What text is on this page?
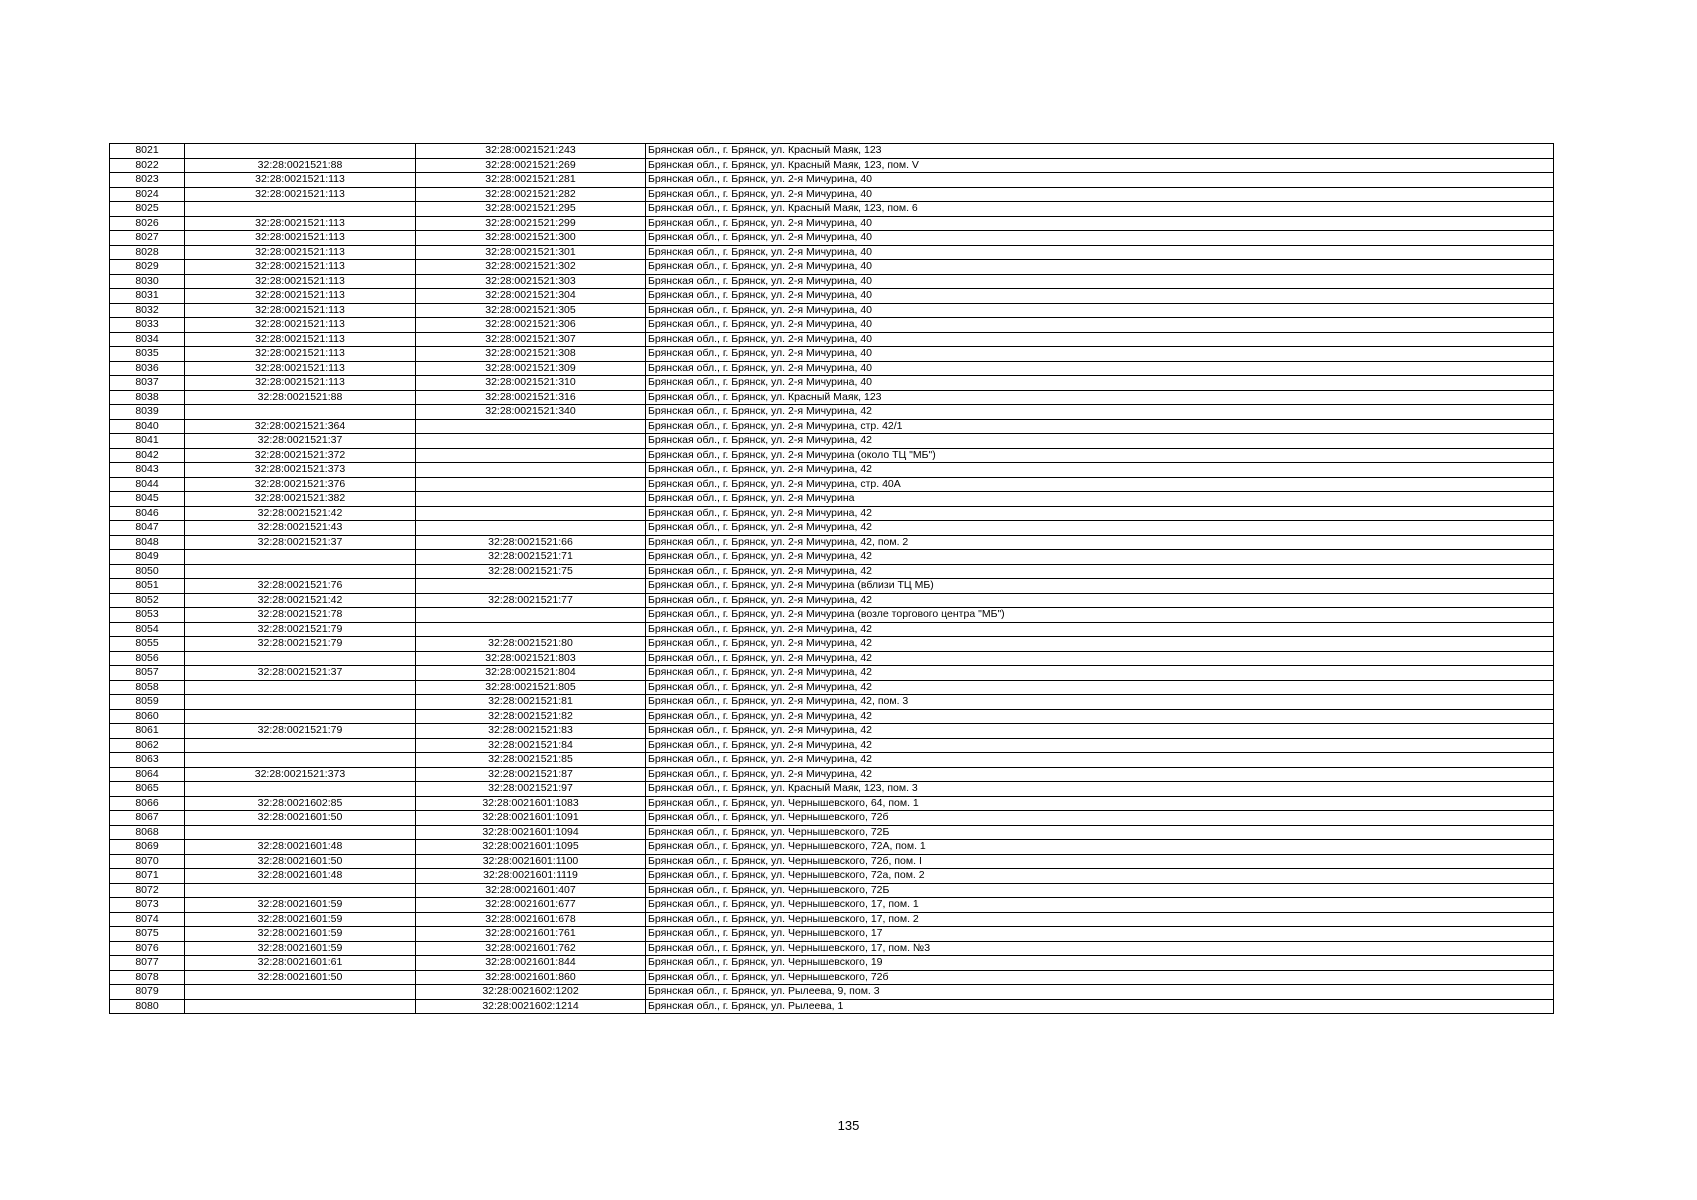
8021		32:28:0021521:243	Брянская обл., г. Брянск, ул. Красный Маяк, 123
8022	32:28:0021521:88	32:28:0021521:269	Брянская обл., г. Брянск, ул. Красный Маяк, 123, пом. V
8023	32:28:0021521:113	32:28:0021521:281	Брянская обл., г. Брянск, ул. 2-я Мичурина, 40
8024	32:28:0021521:113	32:28:0021521:282	Брянская обл., г. Брянск, ул. 2-я Мичурина, 40
8025		32:28:0021521:295	Брянская обл., г. Брянск, ул. Красный Маяк, 123, пом. 6
8026	32:28:0021521:113	32:28:0021521:299	Брянская обл., г. Брянск, ул. 2-я Мичурина, 40
8027	32:28:0021521:113	32:28:0021521:300	Брянская обл., г. Брянск, ул. 2-я Мичурина, 40
8028	32:28:0021521:113	32:28:0021521:301	Брянская обл., г. Брянск, ул. 2-я Мичурина, 40
8029	32:28:0021521:113	32:28:0021521:302	Брянская обл., г. Брянск, ул. 2-я Мичурина, 40
8030	32:28:0021521:113	32:28:0021521:303	Брянская обл., г. Брянск, ул. 2-я Мичурина, 40
8031	32:28:0021521:113	32:28:0021521:304	Брянская обл., г. Брянск, ул. 2-я Мичурина, 40
8032	32:28:0021521:113	32:28:0021521:305	Брянская обл., г. Брянск, ул. 2-я Мичурина, 40
8033	32:28:0021521:113	32:28:0021521:306	Брянская обл., г. Брянск, ул. 2-я Мичурина, 40
8034	32:28:0021521:113	32:28:0021521:307	Брянская обл., г. Брянск, ул. 2-я Мичурина, 40
8035	32:28:0021521:113	32:28:0021521:308	Брянская обл., г. Брянск, ул. 2-я Мичурина, 40
8036	32:28:0021521:113	32:28:0021521:309	Брянская обл., г. Брянск, ул. 2-я Мичурина, 40
8037	32:28:0021521:113	32:28:0021521:310	Брянская обл., г. Брянск, ул. 2-я Мичурина, 40
8038	32:28:0021521:88	32:28:0021521:316	Брянская обл., г. Брянск, ул. Красный Маяк, 123
8039		32:28:0021521:340	Брянская обл., г. Брянск, ул. 2-я Мичурина, 42
8040	32:28:0021521:364		Брянская обл., г. Брянск, ул. 2-я Мичурина, стр. 42/1
8041	32:28:0021521:37		Брянская обл., г. Брянск, ул. 2-я Мичурина, 42
8042	32:28:0021521:372		Брянская обл., г. Брянск, ул. 2-я Мичурина (около ТЦ "МБ")
8043	32:28:0021521:373		Брянская обл., г. Брянск, ул. 2-я Мичурина, 42
8044	32:28:0021521:376		Брянская обл., г. Брянск, ул. 2-я Мичурина, стр. 40А
8045	32:28:0021521:382		Брянская обл., г. Брянск, ул. 2-я Мичурина
8046	32:28:0021521:42		Брянская обл., г. Брянск, ул. 2-я Мичурина, 42
8047	32:28:0021521:43		Брянская обл., г. Брянск, ул. 2-я Мичурина, 42
8048	32:28:0021521:37	32:28:0021521:66	Брянская обл., г. Брянск, ул. 2-я Мичурина, 42, пом. 2
8049		32:28:0021521:71	Брянская обл., г. Брянск, ул. 2-я Мичурина, 42
8050		32:28:0021521:75	Брянская обл., г. Брянск, ул. 2-я Мичурина, 42
8051	32:28:0021521:76		Брянская обл., г. Брянск, ул. 2-я Мичурина (вблизи ТЦ МБ)
8052	32:28:0021521:42	32:28:0021521:77	Брянская обл., г. Брянск, ул. 2-я Мичурина, 42
8053	32:28:0021521:78		Брянская обл., г. Брянск, ул. 2-я Мичурина (возле торгового центра "МБ")
8054	32:28:0021521:79		Брянская обл., г. Брянск, ул. 2-я Мичурина, 42
8055	32:28:0021521:79	32:28:0021521:80	Брянская обл., г. Брянск, ул. 2-я Мичурина, 42
8056		32:28:0021521:803	Брянская обл., г. Брянск, ул. 2-я Мичурина, 42
8057	32:28:0021521:37	32:28:0021521:804	Брянская обл., г. Брянск, ул. 2-я Мичурина, 42
8058		32:28:0021521:805	Брянская обл., г. Брянск, ул. 2-я Мичурина, 42
8059		32:28:0021521:81	Брянская обл., г. Брянск, ул. 2-я Мичурина, 42, пом. 3
8060		32:28:0021521:82	Брянская обл., г. Брянск, ул. 2-я Мичурина, 42
8061	32:28:0021521:79	32:28:0021521:83	Брянская обл., г. Брянск, ул. 2-я Мичурина, 42
8062		32:28:0021521:84	Брянская обл., г. Брянск, ул. 2-я Мичурина, 42
8063		32:28:0021521:85	Брянская обл., г. Брянск, ул. 2-я Мичурина, 42
8064	32:28:0021521:373	32:28:0021521:87	Брянская обл., г. Брянск, ул. 2-я Мичурина, 42
8065		32:28:0021521:97	Брянская обл., г. Брянск, ул. Красный Маяк, 123, пом. 3
8066	32:28:0021602:85	32:28:0021601:1083	Брянская обл., г. Брянск, ул. Чернышевского, 64, пом. 1
8067	32:28:0021601:50	32:28:0021601:1091	Брянская обл., г. Брянск, ул. Чернышевского, 72б
8068		32:28:0021601:1094	Брянская обл., г. Брянск, ул. Чернышевского, 72Б
8069	32:28:0021601:48	32:28:0021601:1095	Брянская обл., г. Брянск, ул. Чернышевского, 72А, пом. 1
8070	32:28:0021601:50	32:28:0021601:1100	Брянская обл., г. Брянск, ул. Чернышевского, 72б, пом. I
8071	32:28:0021601:48	32:28:0021601:1119	Брянская обл., г. Брянск, ул. Чернышевского, 72а, пом. 2
8072		32:28:0021601:407	Брянская обл., г. Брянск, ул. Чернышевского, 72Б
8073	32:28:0021601:59	32:28:0021601:677	Брянская обл., г. Брянск, ул. Чернышевского, 17, пом. 1
8074	32:28:0021601:59	32:28:0021601:678	Брянская обл., г. Брянск, ул. Чернышевского, 17, пом. 2
8075	32:28:0021601:59	32:28:0021601:761	Брянская обл., г. Брянск, ул. Чернышевского, 17
8076	32:28:0021601:59	32:28:0021601:762	Брянская обл., г. Брянск, ул. Чернышевского, 17, пом. №3
8077	32:28:0021601:61	32:28:0021601:844	Брянская обл., г. Брянск, ул. Чернышевского, 19
8078	32:28:0021601:50	32:28:0021601:860	Брянская обл., г. Брянск, ул. Чернышевского, 72б
8079		32:28:0021602:1202	Брянская обл., г. Брянск, ул. Рылеева, 9, пом. 3
8080		32:28:0021602:1214	Брянская обл., г. Брянск, ул. Рылеева, 1
135
